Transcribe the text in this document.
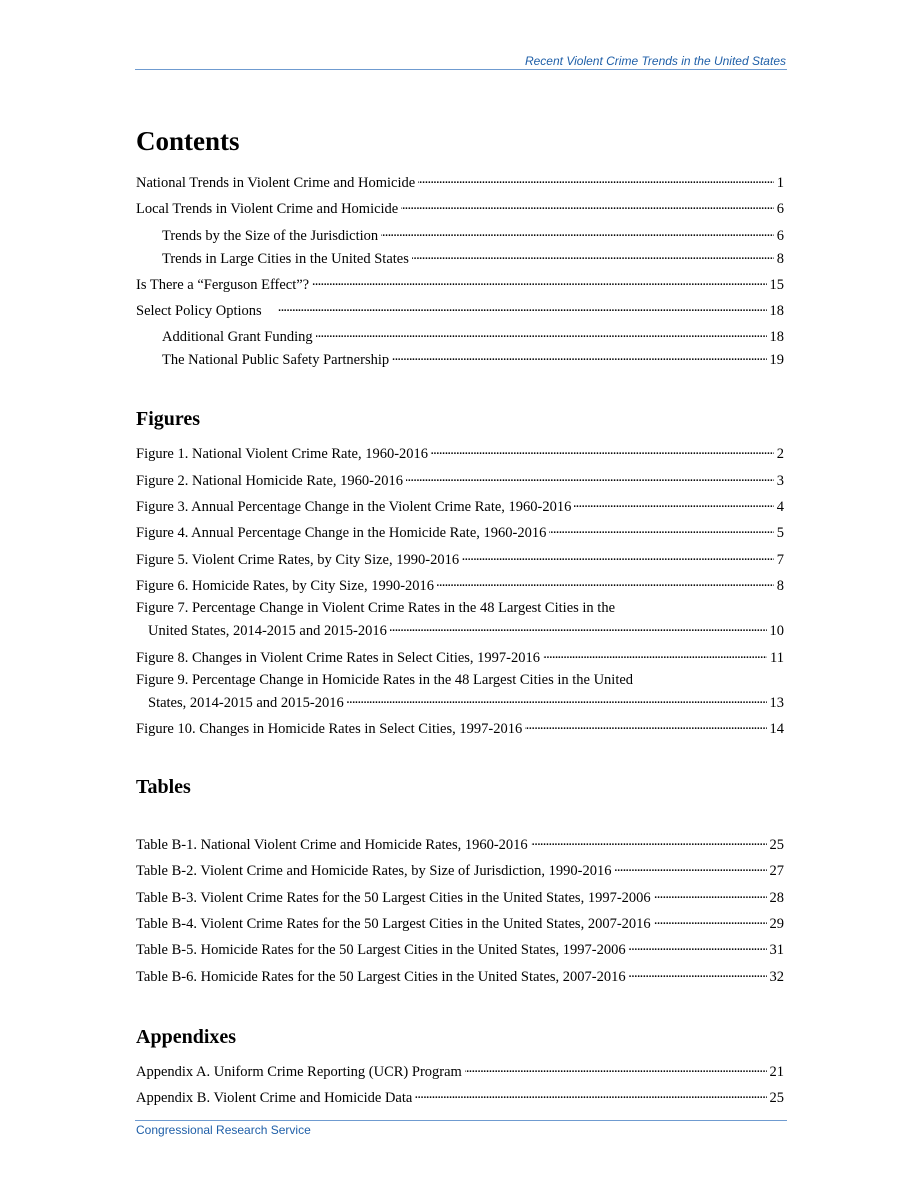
Recent Violent Crime Trends in the United States
Contents
National Trends in Violent Crime and Homicide . . .	1
Local Trends in Violent Crime and Homicide . . .	6
Trends by the Size of the Jurisdiction . . .	6
Trends in Large Cities in the United States . . .	8
Is There a “Ferguson Effect”? . . .	15
Select Policy Options . . .	18
Additional Grant Funding . . .	18
The National Public Safety Partnership . . .	19
Figures
Figure 1. National Violent Crime Rate, 1960-2016 . . .	2
Figure 2. National Homicide Rate, 1960-2016 . . .	3
Figure 3. Annual Percentage Change in the Violent Crime Rate, 1960-2016 . . .	4
Figure 4. Annual Percentage Change in the Homicide Rate, 1960-2016 . . .	5
Figure 5. Violent Crime Rates, by City Size, 1990-2016 . . .	7
Figure 6. Homicide Rates, by City Size, 1990-2016 . . .	8
Figure 7. Percentage Change in Violent Crime Rates in the 48 Largest Cities in the
United States, 2014-2015 and 2015-2016 . . .	10
Figure 8. Changes in Violent Crime Rates in Select Cities, 1997-2016 . . .	11
Figure 9. Percentage Change in Homicide Rates in the 48 Largest Cities in the United
States, 2014-2015 and 2015-2016 . . .	13
Figure 10. Changes in Homicide Rates in Select Cities, 1997-2016 . . .	14
Tables
Table B-1. National Violent Crime and Homicide Rates, 1960-2016 . . .	25
Table B-2. Violent Crime and Homicide Rates, by Size of Jurisdiction, 1990-2016 . . .	27
Table B-3. Violent Crime Rates for the 50 Largest Cities in the United States, 1997-2006 . . .	28
Table B-4. Violent Crime Rates for the 50 Largest Cities in the United States, 2007-2016 . . .	29
Table B-5. Homicide Rates for the 50 Largest Cities in the United States, 1997-2006 . . .	31
Table B-6. Homicide Rates for the 50 Largest Cities in the United States, 2007-2016 . . .	32
Appendixes
Appendix A. Uniform Crime Reporting (UCR) Program . . .	21
Appendix B. Violent Crime and Homicide Data . . .	25
Congressional Research Service
